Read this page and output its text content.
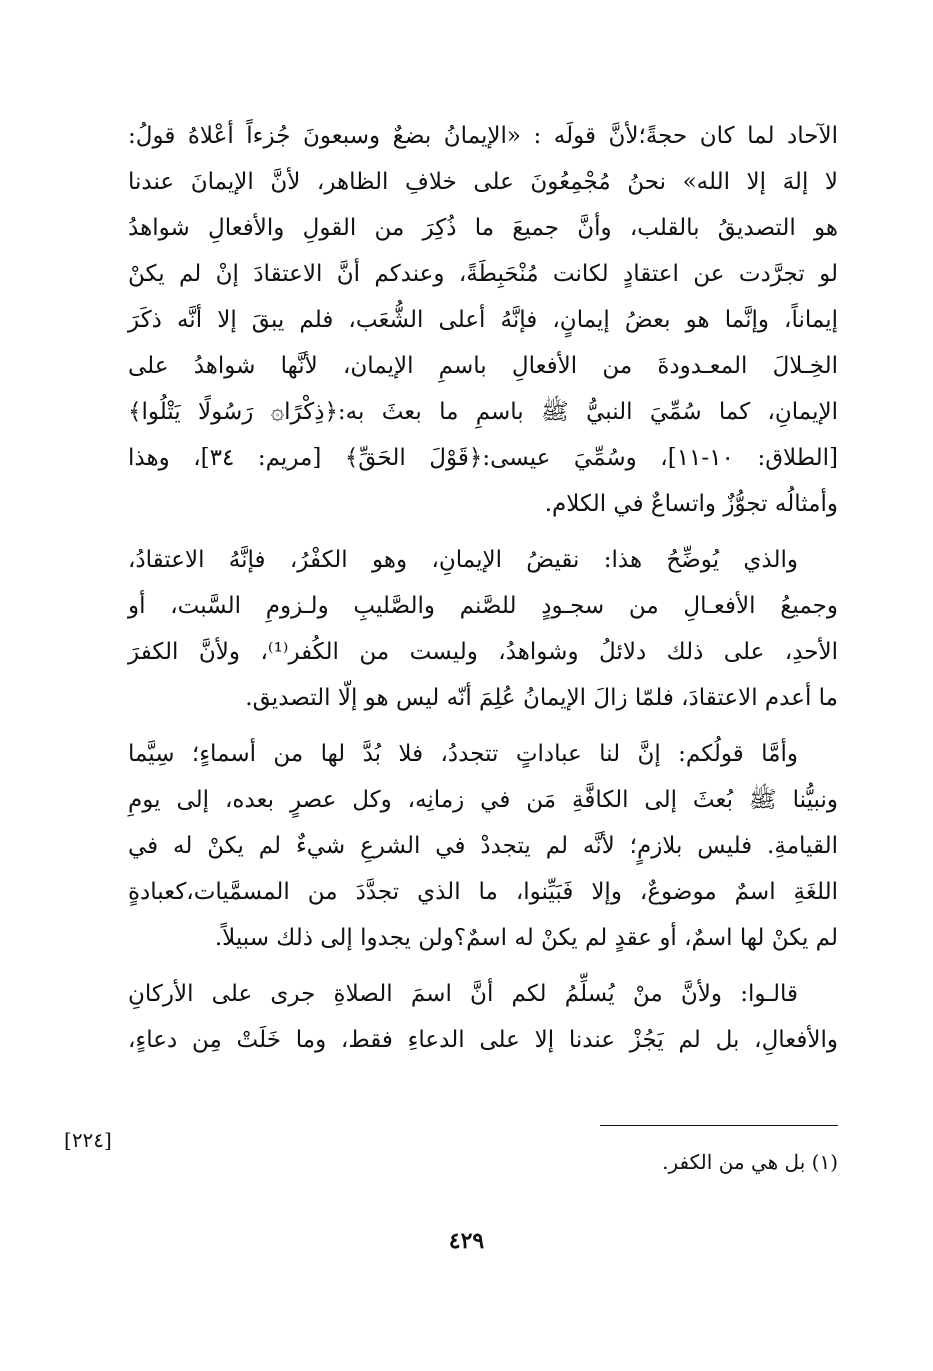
الآحاد لما كان حجةً؛لأنَّ قولَه : «الإيمانُ بضعٌ وسبعونَ جُزءاً أعْلاهُ قولُ:
لا إلهَ إلا الله» نحنُ مُجْمِعُونَ على خلافِ الظاهر، لأنَّ الإيمانَ عندنا
هو التصديقُ بالقلب، وأنَّ جميعَ ما ذُكِرَ من القولِ والأفعالِ شواهدُ
لو تجرَّدت عن اعتقادٍ لكانت مُنْحَبِطَةً، وعندكم أنَّ الاعتقادَ إنْ لم يكنْ
إيماناً، وإنَّما هو بعضُ إيمانٍ، فإنَّهُ أعلى الشُّعَب، فلم يبقَ إلا أنَّه ذكَرَ
الخِـلالَ المعـدودةَ من الأفعالِ باسمِ الإيمان، لأنَّها شواهدُ على
الإيمانِ، كما سُمِّيَ النبيُّ ﷺ باسمِ ما بعثَ به:﴿ذِكْرًا۞ رَسُولًا يَتْلُوا﴾
[الطلاق: ١٠-١١]، وسُمِّيَ عيسى:﴿قَوْلَ الحَقِّ﴾ [مريم: ٣٤]، وهذا
وأمثالُه تجوُّزٌ واتساعٌ في الكلام.
والذي يُوضِّحُ هذا: نقيضُ الإيمانِ، وهو الكفْرُ، فإنَّهُ الاعتقادُ،
وجميعُ الأفعـالِ من سجـودٍ للصَّنم والصَّليبِ ولـزومِ السَّبت، أو
الأحدِ، على ذلك دلائلُ وشواهدُ، وليست من الكُفر⁽¹⁾، ولأنَّ الكفرَ
ما أعدم الاعتقادَ، فلمّا زالَ الإيمانُ عُلِمَ أنّه ليس هو إلّا التصديق.
وأمَّا قولُكم: إنَّ لنا عباداتٍ تتجددُ، فلا بُدَّ لها من أسماءٍ؛ سِيَّما
ونبيُّنا ﷺ بُعثَ إلى الكافَّةِ مَن في زمانِه، وكل عصرٍ بعده، إلى يومِ
القيامةِ. فليس بلازمٍ؛ لأنَّه لم يتجددْ في الشرعِ شيءٌ لم يكنْ له في
اللغَةِ اسمٌ موضوعٌ، وإلا فَبَيِّنوا، ما الذي تجدَّدَ من المسمَّيات،كعبادةٍ
لم يكنْ لها اسمٌ، أو عقدٍ لم يكنْ له اسمٌ؟ولن يجدوا إلى ذلك سبيلاً.
قالـوا: ولأنَّ منْ يُسلِّمُ لكم أنَّ اسمَ الصلاةِ جرى على الأركانِ
والأفعالِ، بل لم يَجُزْ عندنا إلا على الدعاءِ فقط، وما خَلَتْ مِن دعاءٍ،
[٢٢٤]
(١) بل هي من الكفر.
٤٢٩
